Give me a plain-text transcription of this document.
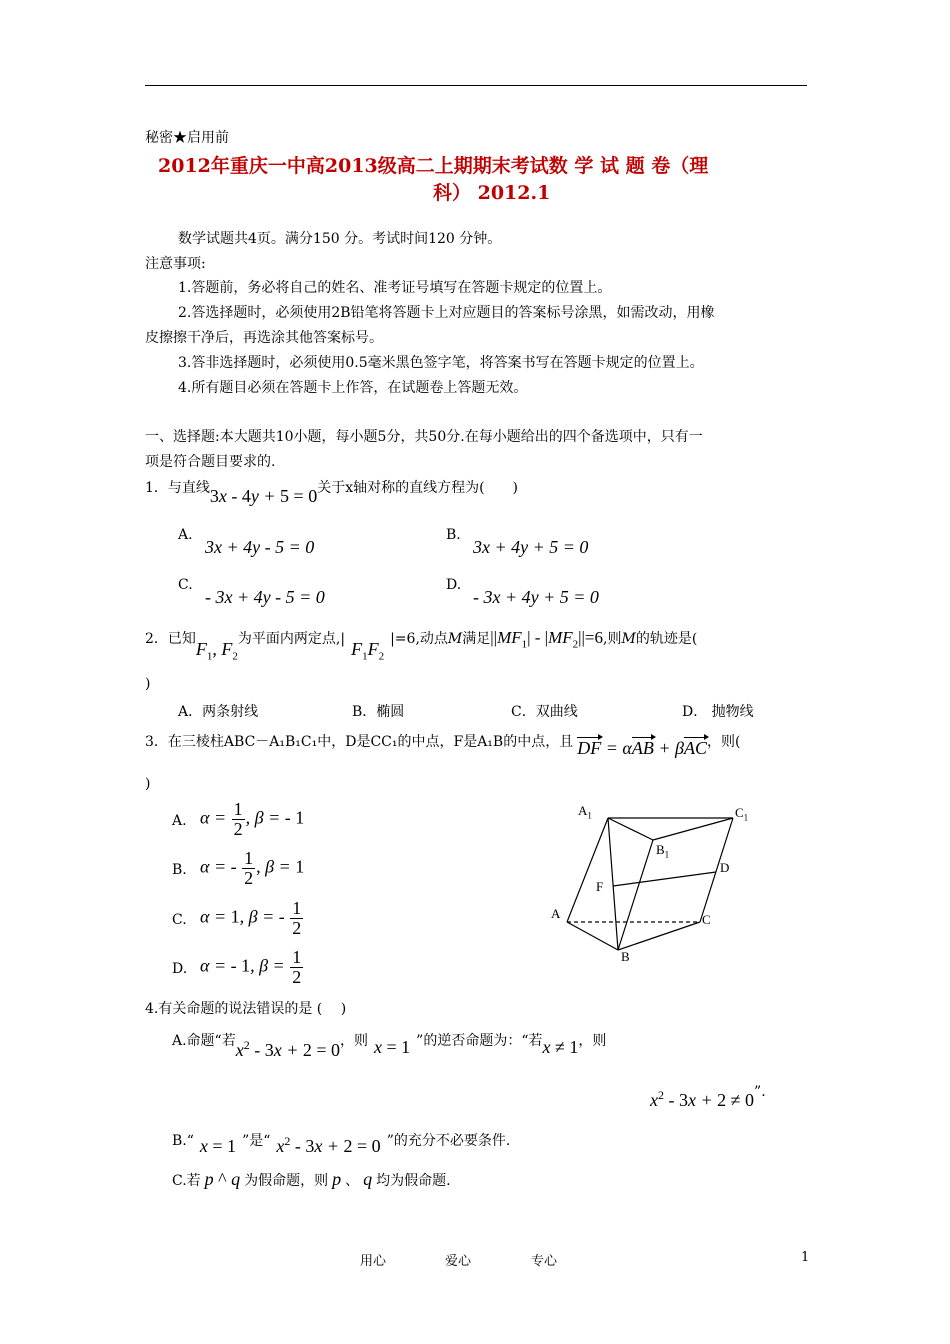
秘密★启用前
2012年重庆一中高2013级高二上期期末考试数 学 试 题 卷（理
科） 2012.1
数学试题共4页。满分150 分。考试时间120 分钟。
注意事项:
1.答题前，务必将自己的姓名、准考证号填写在答题卡规定的位置上。
2.答选择题时，必须使用2B铅笔将答题卡上对应题目的答案标号涂黑，如需改动，用橡
皮擦擦干净后，再选涂其他答案标号。
3.答非选择题时，必须使用0.5毫米黑色签字笔，将答案书写在答题卡规定的位置上。
4.所有题目必须在答题卡上作答，在试题卷上答题无效。
一、选择题:本大题共10小题，每小题5分，共50分.在每小题给出的四个备选项中，只有一
项是符合题目要求的.
1．与直线3x - 4y + 5 = 0关于x轴对称的直线方程为(　　)
A.
3x + 4y - 5 = 0
B.
3x + 4y + 5 = 0
C.
- 3x + 4y - 5 = 0
D.
- 3x + 4y + 5 = 0
2．已知$F_1$, $F_2$为平面内两定点,| $F_1F_2|=6$,动点M满足$||MF_1| - |MF_2||=6$,则M的轨迹是(
)
A．两条射线	B．椭圆	C．双曲线	D． 抛物线
3．在三棱柱ABC－A₁B₁C₁中，D是CC₁的中点，F是A₁B的中点，且 DF = αAB + βAC，则(
)
A. $\alpha = \frac{1}{2}$ , β = - 1
B. α = - $\frac{1}{2}$ , β = 1
C. α = 1, β = - $\frac{1}{2}$
D. α = - 1, $\beta = \frac{1}{2}$
$A_1$	$C_1$
$B_1$
D
F
A	C
B
4.有关命题的说法错误的是 (　 )
A.命题“若$x^2 - 3x + 2 = 0$，则 x = 1 ”的逆否命题为：“若x ≠ 1，则
$x^2 - 3x + 2 \ne 0$”.
B.“ x = 1 ”是“ $x^2 - 3x + 2 = 0$ ”的充分不必要条件.
C.若 p ^ q 为假命题，则 p 、 q 均为假命题.
用心	爱心	专心	1
